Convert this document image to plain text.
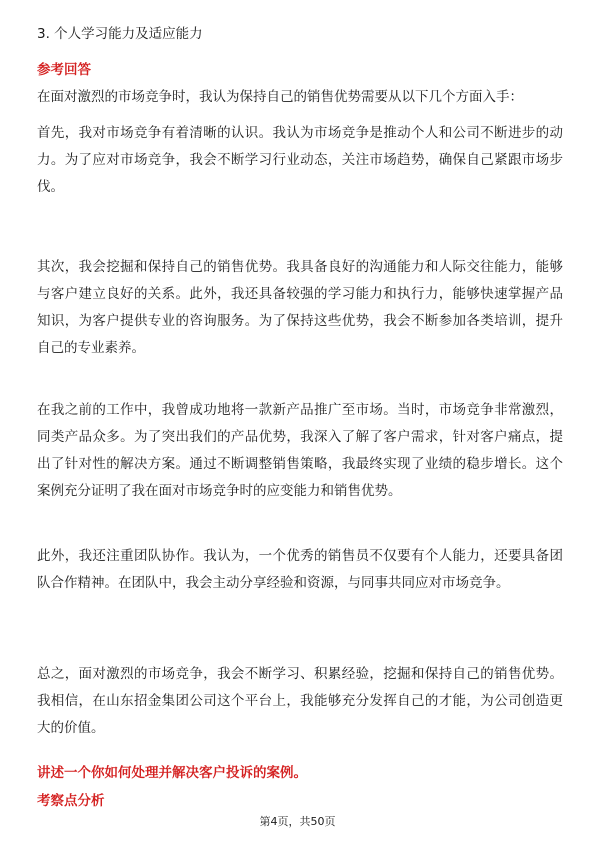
3. 个人学习能力及适应能力
参考回答
在面对激烈的市场竞争时，我认为保持自己的销售优势需要从以下几个方面入手：
首先，我对市场竞争有着清晰的认识。我认为市场竞争是推动个人和公司不断进步的动力。为了应对市场竞争，我会不断学习行业动态，关注市场趋势，确保自己紧跟市场步伐。
其次，我会挖掘和保持自己的销售优势。我具备良好的沟通能力和人际交往能力，能够与客户建立良好的关系。此外，我还具备较强的学习能力和执行力，能够快速掌握产品知识，为客户提供专业的咨询服务。为了保持这些优势，我会不断参加各类培训，提升自己的专业素养。
在我之前的工作中，我曾成功地将一款新产品推广至市场。当时，市场竞争非常激烈，同类产品众多。为了突出我们的产品优势，我深入了解了客户需求，针对客户痛点，提出了针对性的解决方案。通过不断调整销售策略，我最终实现了业绩的稳步增长。这个案例充分证明了我在面对市场竞争时的应变能力和销售优势。
此外，我还注重团队协作。我认为，一个优秀的销售员不仅要有个人能力，还要具备团队合作精神。在团队中，我会主动分享经验和资源，与同事共同应对市场竞争。
总之，面对激烈的市场竞争，我会不断学习、积累经验，挖掘和保持自己的销售优势。我相信，在山东招金集团公司这个平台上，我能够充分发挥自己的才能，为公司创造更大的价值。
讲述一个你如何处理并解决客户投诉的案例。
考察点分析
第4页，共50页
